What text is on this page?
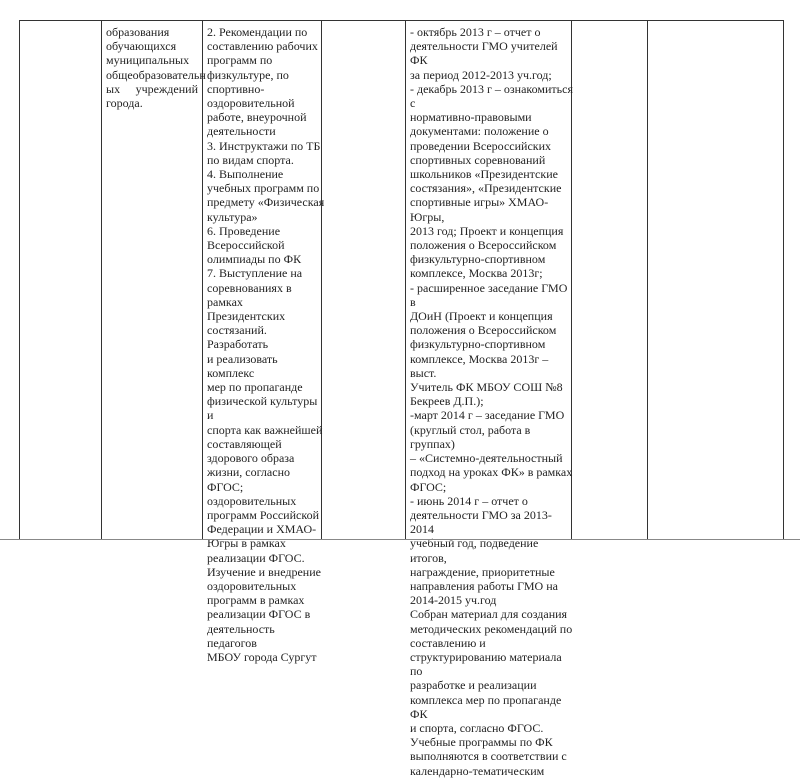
образования
обучающихся
муниципальных
общеобразовательн
ых учреждений
города.
2. Рекомендации по
составлению рабочих
программ по
физкультуре, по
спортивно-
оздоровительной
работе, внеурочной
деятельности
3. Инструктажи по ТБ
по видам спорта.
4. Выполнение
учебных программ по
предмету «Физическая
культура»
6. Проведение
Всероссийской
олимпиады по ФК
7. Выступление на
соревнованиях в рамках
Президентских
состязаний. Разработать
и реализовать комплекс
мер по пропаганде
физической культуры и
спорта как важнейшей
составляющей
здорового образа
жизни, согласно ФГОС;
оздоровительных
программ Российской
Федерации и ХМАО-
Югры в рамках
реализации ФГОС.
Изучение и внедрение
оздоровительных
программ в рамках
реализации ФГОС в
деятельность педагогов
МБОУ города Сургут
- октябрь 2013 г – отчет о
деятельности ГМО учителей ФК
за период 2012-2013 уч.год;
- декабрь 2013 г – ознакомиться с
нормативно-правовыми
документами: положение о
проведении Всероссийских
спортивных соревнований
школьников «Президентские
состязания», «Президентские
спортивные игры» ХМАО-Югры,
2013 год; Проект и концепция
положения о Всероссийском
физкультурно-спортивном
комплексе, Москва 2013г;
- расширенное заседание ГМО в
ДОиН (Проект и концепция
положения о Всероссийском
физкультурно-спортивном
комплексе, Москва 2013г – выст.
Учитель ФК МБОУ СОШ №8
Бекреев Д.П.);
-март 2014 г – заседание ГМО
(круглый стол, работа в группах)
– «Системно-деятельностный
подход на уроках ФК» в рамках
ФГОС;
- июнь 2014 г – отчет о
деятельности ГМО за 2013-2014
учебный год, подведение итогов,
награждение, приоритетные
направления работы ГМО на
2014-2015 уч.год
Собран материал для создания
методических рекомендаций по
составлению и
структурированию материала по
разработке и реализации
комплекса мер по пропаганде ФК
и спорта, согласно ФГОС.
Учебные программы по ФК
выполняются в соответствии с
календарно-тематическим
